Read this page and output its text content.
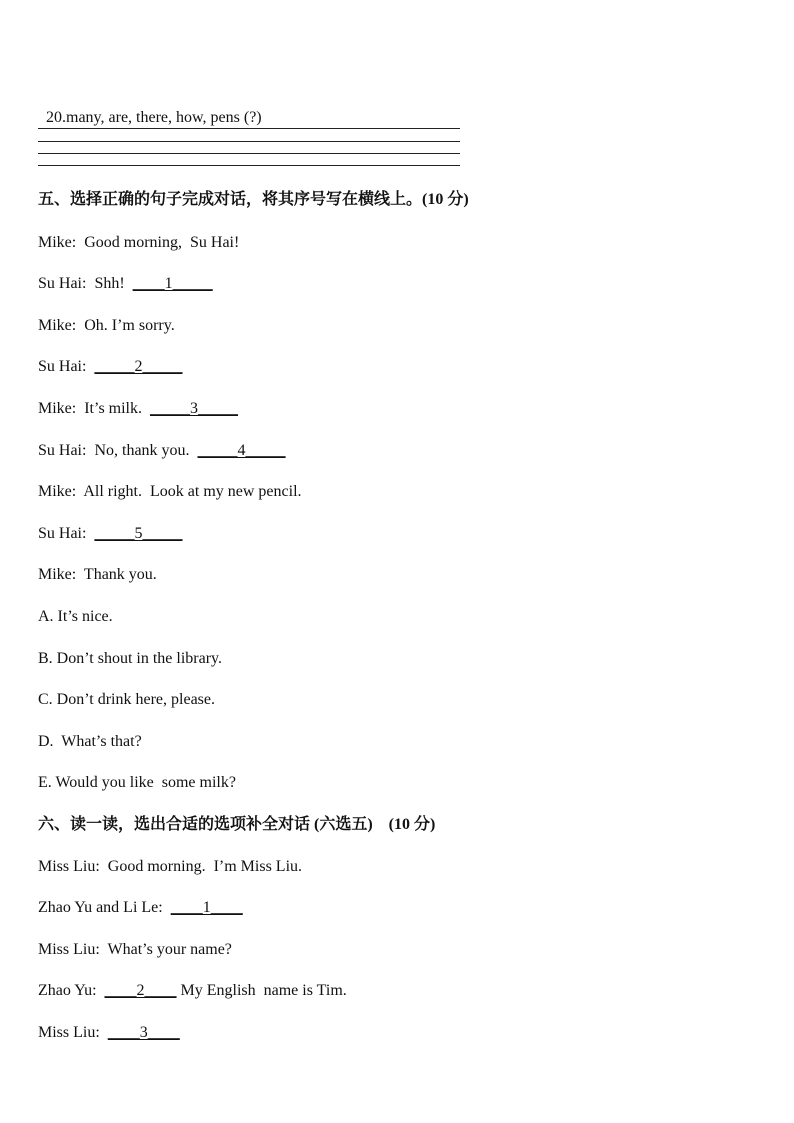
20.many, are, there, how, pens (?)

五、选择正确的句子完成对话，将其序号写在横线上。(10 分)
Mike:  Good morning,  Su Hai!
Su Hai:  Shh!  ____1_____
Mike:  Oh. I’m sorry.
Su Hai:  _____2_____
Mike:  It’s milk.  _____3_____
Su Hai:  No, thank you.  _____4_____
Mike:  All right.  Look at my new pencil.
Su Hai:  _____5_____
Mike:  Thank you.
A. It’s nice.
B. Don’t shout in the library.
C. Don’t drink here, please.
D.  What’s that?
E. Would you like  some milk?
六、读一读，选出合适的选项补全对话 (六选五)    (10 分)
Miss Liu:  Good morning.  I’m Miss Liu.
Zhao Yu and Li Le:  ____1____
Miss Liu:  What’s your name?
Zhao Yu:  ____2____ My English  name is Tim.
Miss Liu:  ____3____
